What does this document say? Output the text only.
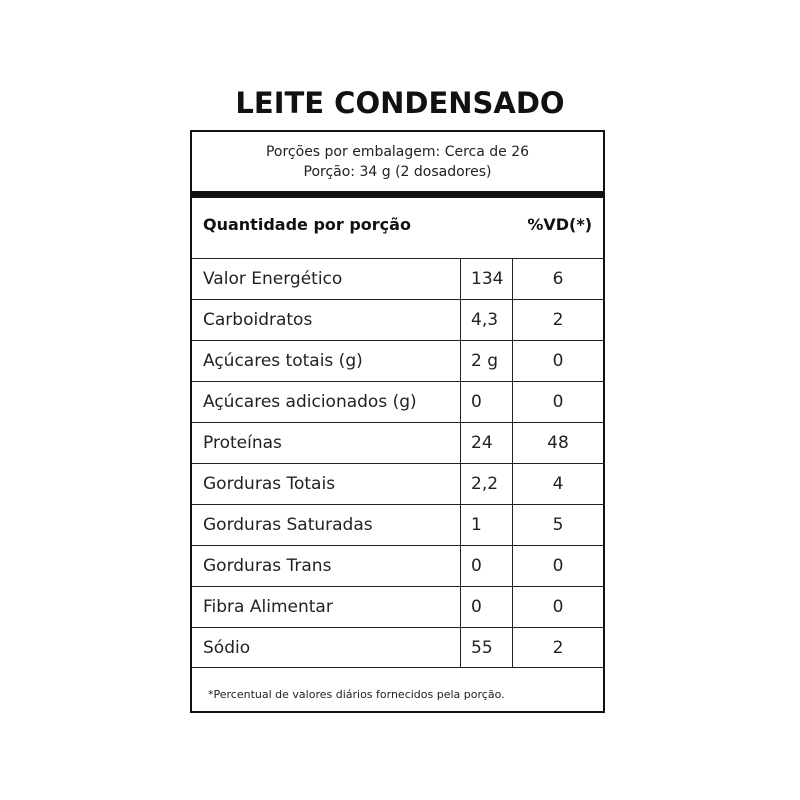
LEITE CONDENSADO
Porções por embalagem: Cerca de 26
Porção: 34 g (2 dosadores)
Quantidade por porção	%VD(*)
Valor Energético	134	6
Carboidratos	4,3	2
Açúcares totais (g)	2 g	0
Açúcares adicionados (g)	0	0
Proteínas	24	48
Gorduras Totais	2,2	4
Gorduras Saturadas	1	5
Gorduras Trans	0	0
Fibra Alimentar	0	0
Sódio	55	2
*Percentual de valores diários fornecidos pela porção.
